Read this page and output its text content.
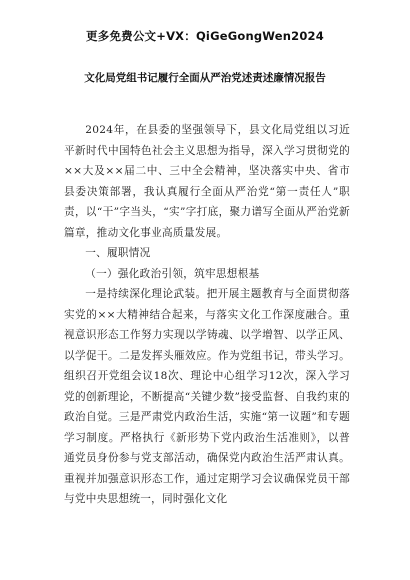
更多免费公文+VX：QiGeGongWen2024
文化局党组书记履行全面从严治党述责述廉情况报告

2024年，在县委的坚强领导下，县文化局党组以习近平新时代中国特色社会主义思想为指导，深入学习贯彻党的××大及××届二中、三中全会精神，坚决落实中央、省市县委决策部署，我认真履行全面从严治党“第一责任人”职责，以“干”字当头，“实”字打底，聚力谱写全面从严治党新篇章，推动文化事业高质量发展。

一、履职情况

（一）强化政治引领，筑牢思想根基

一是持续深化理论武装。把开展主题教育与全面贯彻落实党的××大精神结合起来，与落实文化工作深度融合。重视意识形态工作努力实现以学铸魂、以学增智、以学正风、以学促干。二是发挥头雁效应。作为党组书记，带头学习。组织召开党组会议18次、理论中心组学习12次，深入学习党的创新理论，不断提高“关键少数”接受监督、自我约束的政治自觉。三是严肃党内政治生活，实施“第一议题”和专题学习制度。严格执行《新形势下党内政治生活准则》，以普通党员身份参与党支部活动，确保党内政治生活严肃认真。重视并加强意识形态工作，通过定期学习会议确保党员干部与党中央思想统一，同时强化文化
